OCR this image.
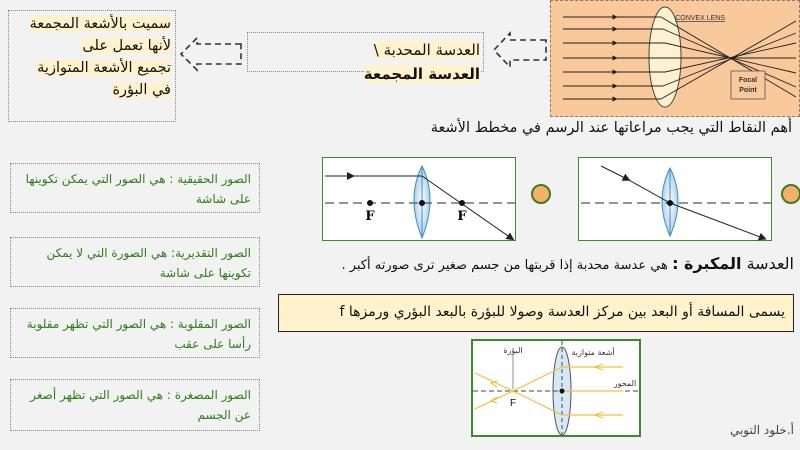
سميت بالأشعة المجمعة
لأنها تعمل على
تجميع الأشعة المتوازية
في البؤرة
العدسة المحدبة \ العدسة المجمعة
CONVEX LENS
Focal
Point
أهم النقاط التي يجب مراعاتها عند الرسم في مخطط الأشعة
F	F
العدسة المكبرة : هي عدسة محدبة إذا قربتها من جسم صغير ترى صورته أكبر .
يسمى المسافة أو البعد بين مركز العدسة وصولا للبؤرة بالبعد البؤري ورمزها f
البؤرة	أشعة متوازية
المحور
F
الصور الحقيقية : هي الصور التي يمكن تكوينها على شاشة
الصور التقديرية: هي الصورة التي لا يمكن تكوينها على شاشة
الصور المقلوبة : هي الصور التي تظهر مقلوبة رأسا على عقب
الصور المصغرة : هي الصور التي تظهر أصغر عن الجسم
أ.خلود التوبي
